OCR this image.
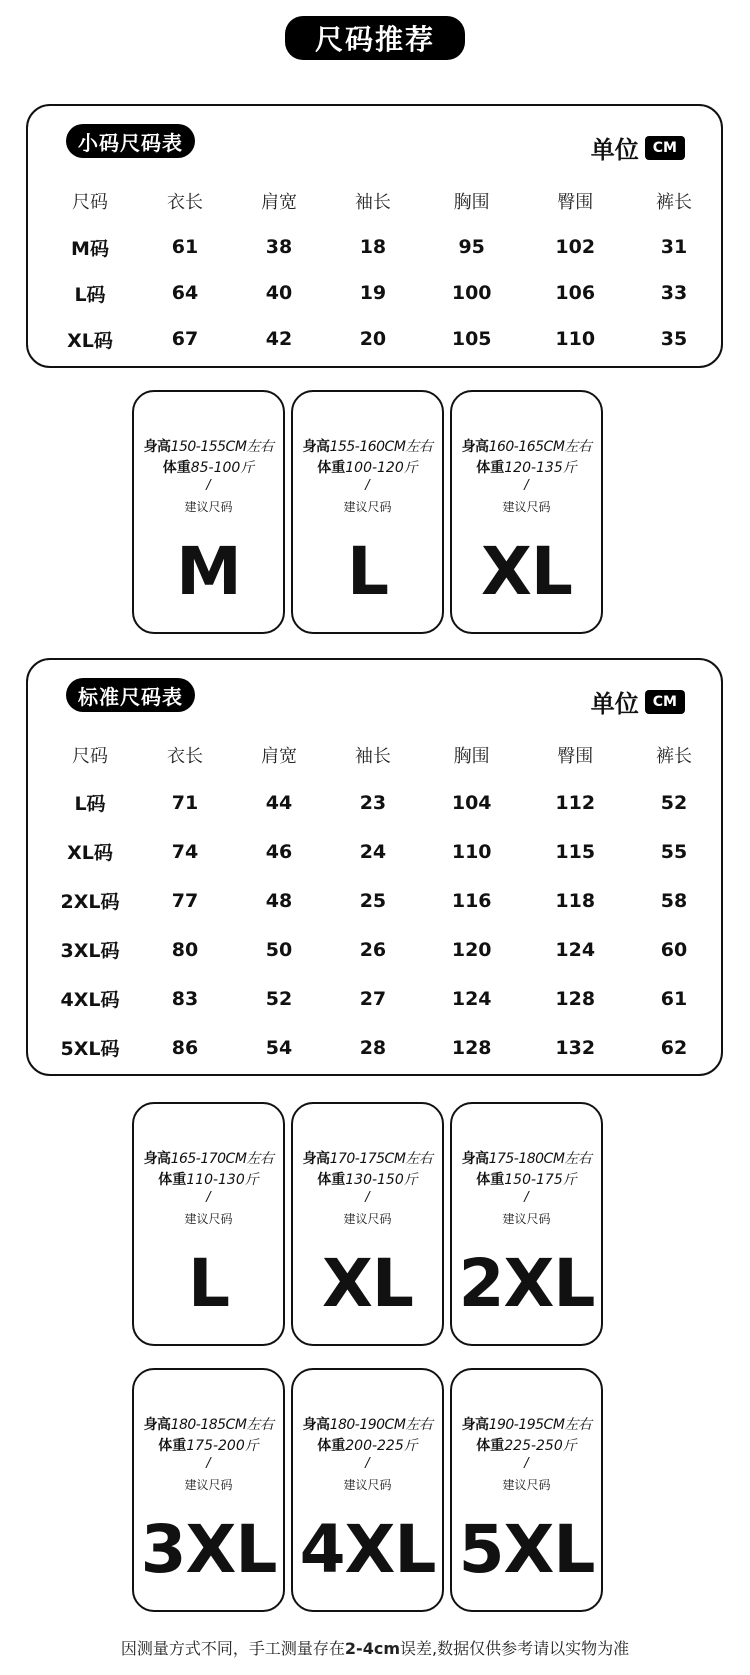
尺码推荐
小码尺码表	单位	CM
尺码	衣长	肩宽	袖长	胸围	臀围	裤长
M码	61	38	18	95	102	31
L码	64	40	19	100	106	33
XL码	67	42	20	105	110	35
身高150-155CM左右
体重85-100斤
/
建议尺码
M
身高155-160CM左右
体重100-120斤
/
建议尺码
L
身高160-165CM左右
体重120-135斤
/
建议尺码
XL
标准尺码表	单位	CM
尺码	衣长	肩宽	袖长	胸围	臀围	裤长
L码	71	44	23	104	112	52
XL码	74	46	24	110	115	55
2XL码	77	48	25	116	118	58
3XL码	80	50	26	120	124	60
4XL码	83	52	27	124	128	61
5XL码	86	54	28	128	132	62
身高165-170CM左右
体重110-130斤
/
建议尺码
L
身高170-175CM左右
体重130-150斤
/
建议尺码
XL
身高175-180CM左右
体重150-175斤
/
建议尺码
2XL
身高180-185CM左右
体重175-200斤
/
建议尺码
3XL
身高180-190CM左右
体重200-225斤
/
建议尺码
4XL
身高190-195CM左右
体重225-250斤
/
建议尺码
5XL
因测量方式不同，手工测量存在2-4cm误差,数据仅供参考请以实物为准
